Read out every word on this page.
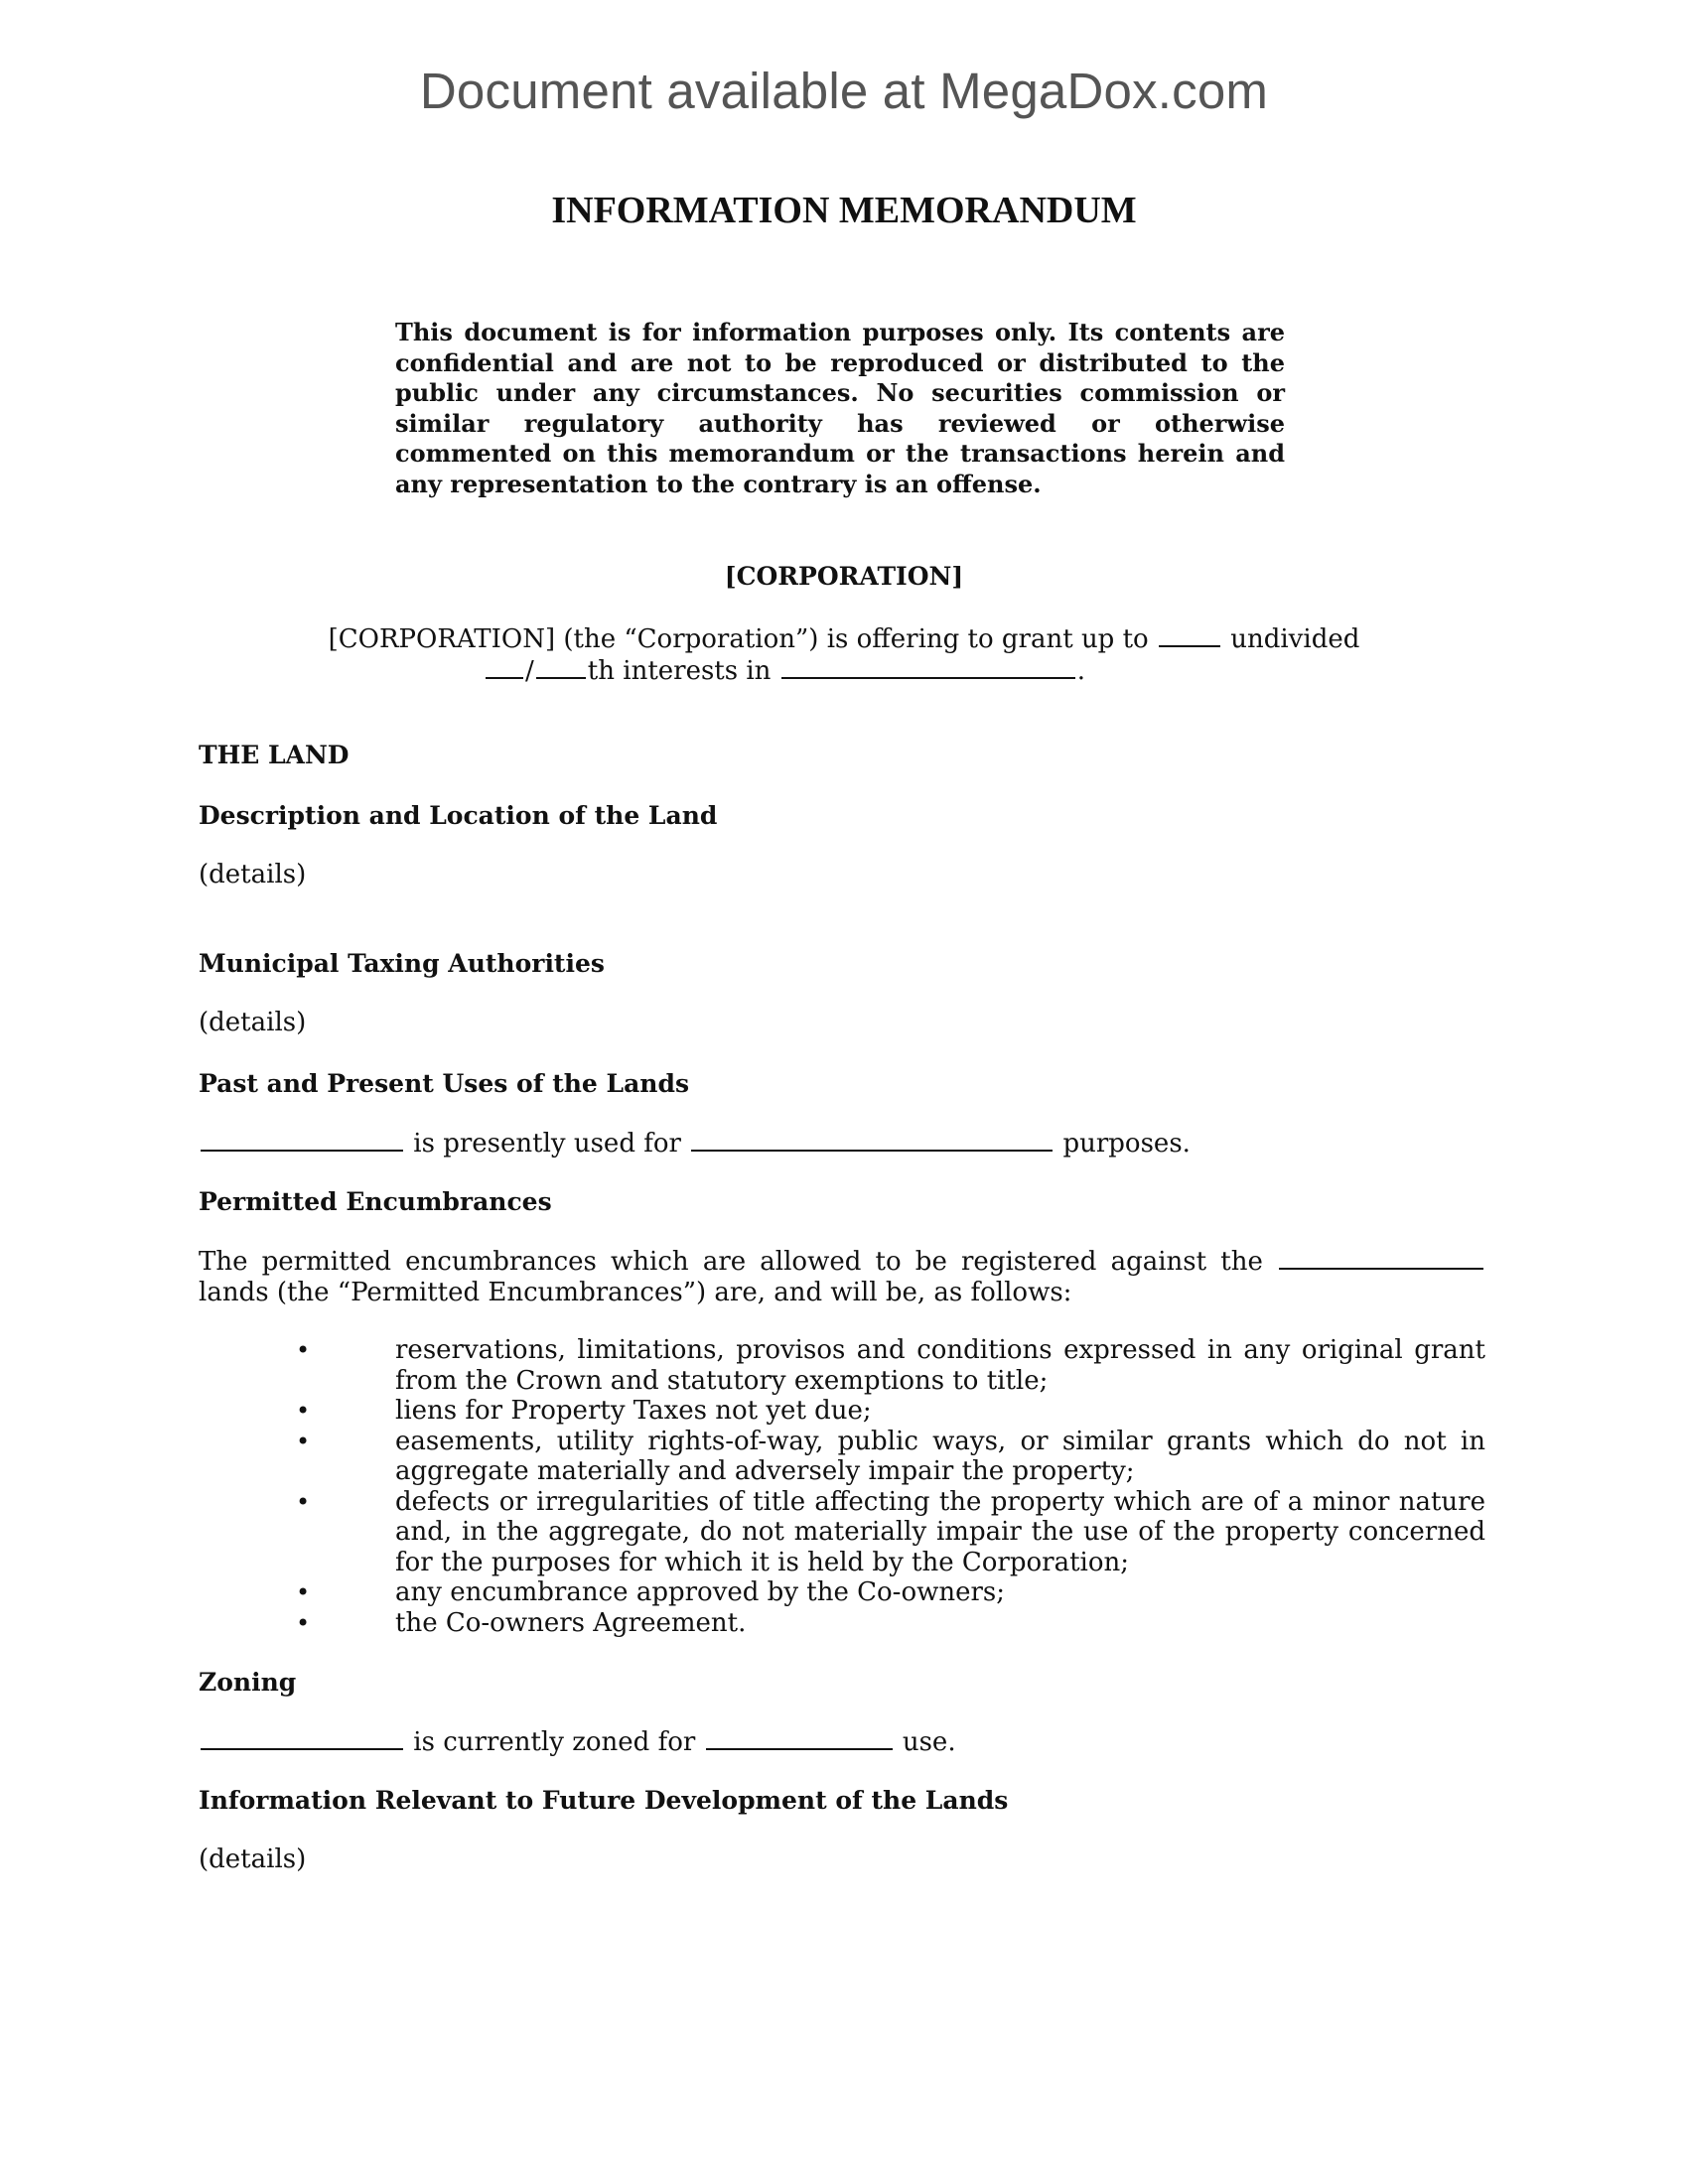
Document available at MegaDox.com
INFORMATION MEMORANDUM

This document is for information purposes only. Its contents are confidential and are not to be reproduced or distributed to the public under any circumstances. No securities commission or similar regulatory authority has reviewed or otherwise commented on this memorandum or the transactions herein and any representation to the contrary is an offense.

[CORPORATION]
[CORPORATION] (the “Corporation”) is offering to grant up to	undivided
/ th interests in	.
THE LAND
Description and Location of the Land
(details)
Municipal Taxing Authorities
(details)
Past and Present Uses of the Lands
is presently used for	purposes.
Permitted Encumbrances

The permitted encumbrances which are allowed to be registered against the  lands (the “Permitted Encumbrances”) are, and will be, as follows:

•	reservations, limitations, provisos and conditions expressed in any original grant from the Crown and statutory exemptions to title;
•	liens for Property Taxes not yet due;
•	easements, utility rights-of-way, public ways, or similar grants which do not in aggregate materially and adversely impair the property;
•	defects or irregularities of title affecting the property which are of a minor nature and, in the aggregate, do not materially impair the use of the property concerned for the purposes for which it is held by the Corporation;
•	any encumbrance approved by the Co-owners;
•	the Co-owners Agreement.
Zoning
is currently zoned for	use.
Information Relevant to Future Development of the Lands
(details)
